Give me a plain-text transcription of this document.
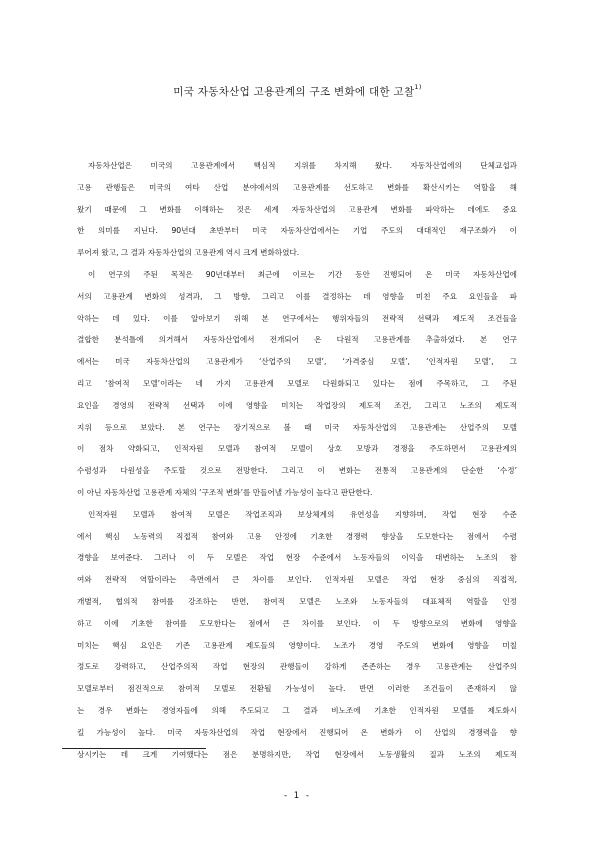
미국 자동차산업 고용관계의 구조 변화에 대한 고찰$^{1)}$
자동차산업은 미국의 고용관계에서 핵심적 지위를 차지해 왔다. 자동차산업에의 단체교섭과
고용 관행들은 미국의 여타 산업 분야에서의 고용관계를 선도하고 변화를 확산시키는 역할을 해
왔기 때문에 그 변화를 이해하는 것은 세계 자동차산업의 고용관계 변화를 파악하는 데에도 중요
한 의미를 지닌다. 90년대 초반부터 미국 자동차산업에서는 기업 주도의 대대적인 재구조화가 이
루어져 왔고, 그 결과 자동차산업의 고용관계 역시 크게 변화하였다.
이 연구의 주된 목적은 90년대부터 최근에 이르는 기간 동안 진행되어 온 미국 자동차산업에
서의 고용관계 변화의 성격과, 그 방향, 그리고 이를 결정하는 데 영향을 미친 주요 요인들을 파
악하는 데 있다. 이를 알아보기 위해 본 연구에서는 행위자들의 전략적 선택과 제도적 조건들을
결합한 분석틀에 의거해서 자동차산업에서 전개되어 온 다원적 고용관계를 추출하였다. 본 연구
에서는 미국 자동차산업의 고용관계가 ‘산업주의 모델’, ‘가격중심 모델’, ‘인적자원 모델’, 그
리고 ‘참여적 모델’이라는 네 가지 고용관계 모델로 다원화되고 있다는 점에 주목하고, 그 주된
요인을 경영의 전략적 선택과 이에 영향을 미치는 작업장의 제도적 조건, 그리고 노조의 제도적
지위 등으로 보았다. 본 연구는 장기적으로 볼 때 미국 자동차산업의 고용관계는 산업주의 모델
이 점차 약화되고, 인적자원 모델과 참여적 모델이 상호 모방과 경쟁을 주도하면서 고용관계의
수렴성과 다원성을 주도할 것으로 전망한다. 그리고 이 변화는 전통적 고용관계의 단순한 ‘수정’
이 아닌 자동차산업 고용관계 자체의 ‘구조적 변화’를 만들어낼 가능성이 높다고 판단한다.
인적자원 모델과 참여적 모델은 작업조직과 보상체계의 유연성을 지향하며, 작업 현장 수준
에서 핵심 노동력의 직접적 참여와 고용 안정에 기초한 경쟁력 향상을 도모한다는 점에서 수렴
경향을 보여준다. 그러나 이 두 모델은 작업 현장 수준에서 노동자들의 이익을 대변하는 노조의 참
여와 전략적 역할이라는 측면에서 큰 차이를 보인다. 인적자원 모델은 작업 현장 중심의 직접적,
개별적, 협의적 참여를 강조하는 반면, 참여적 모델은 노조와 노동자들의 대표체적 역할을 인정
하고 이에 기초한 참여를 도모한다는 점에서 큰 차이를 보인다. 이 두 방향으로의 변화에 영향을
미치는 핵심 요인은 기존 고용관계 제도들의 영향이다. 노조가 경영 주도의 변화에 영향을 미칠
정도로 강력하고, 산업주의적 작업 현장의 관행들이 강하게 존존하는 경우 고용관계는 산업주의
모델로부터 점진적으로 참여적 모델로 전환될 가능성이 높다. 반면 이러한 조건들이 존재하지 않
는 경우 변화는 경영자들에 의해 주도되고 그 결과 비노조에 기초한 인적자원 모델를 제도화시
킬 가능성이 높다. 미국 자동차산업의 작업 현장에서 진행되어 온 변화가 이 산업의 경쟁력을 향
상시키는 데 크게 기여했다는 점은 분명하지만, 작업 현장에서 노동생활의 질과 노조의 제도적
- 1 -
